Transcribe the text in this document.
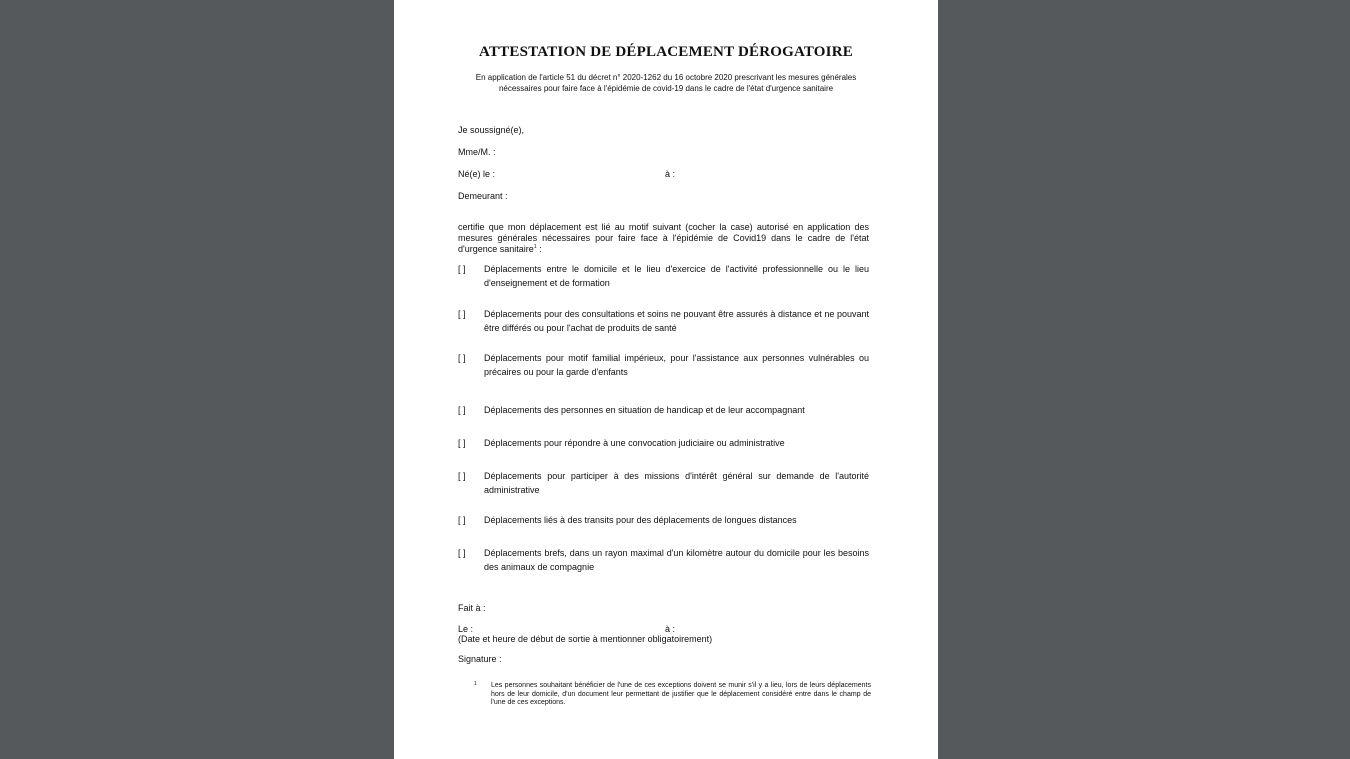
ATTESTATION DE DÉPLACEMENT DÉROGATOIRE
En application de l'article 51 du décret n° 2020-1262 du 16 octobre 2020 prescrivant les mesures générales
nécessaires pour faire face à l'épidémie de covid-19 dans le cadre de l'état d'urgence sanitaire
Je soussigné(e),
Mme/M. :
Né(e) le :	à :
Demeurant :

certifie que mon déplacement est lié au motif suivant (cocher la case) autorisé en application des mesures générales nécessaires pour faire face à l'épidémie de Covid19 dans le cadre de l'état d'urgence sanitaire$^1$ :

[ ] Déplacements entre le domicile et le lieu d'exercice de l'activité professionnelle ou le lieu d'enseignement et de formation
[ ] Déplacements pour des consultations et soins ne pouvant être assurés à distance et ne pouvant être différés ou pour l'achat de produits de santé
[ ] Déplacements pour motif familial impérieux, pour l'assistance aux personnes vulnérables ou précaires ou pour la garde d'enfants
[ ] Déplacements des personnes en situation de handicap et de leur accompagnant
[ ] Déplacements pour répondre à une convocation judiciaire ou administrative
[ ] Déplacements pour participer à des missions d'intérêt général sur demande de l'autorité administrative
[ ] Déplacements liés à des transits pour des déplacements de longues distances
[ ] Déplacements brefs, dans un rayon maximal d'un kilomètre autour du domicile pour les besoins des animaux de compagnie
Fait à :
Le :	à :
(Date et heure de début de sortie à mentionner obligatoirement)
Signature :
1 Les personnes souhaitant bénéficier de l'une de ces exceptions doivent se munir s'il y a lieu, lors de leurs déplacements hors de leur domicile, d'un document leur permettant de justifier que le déplacement considéré entre dans le champ de l'une de ces exceptions.
